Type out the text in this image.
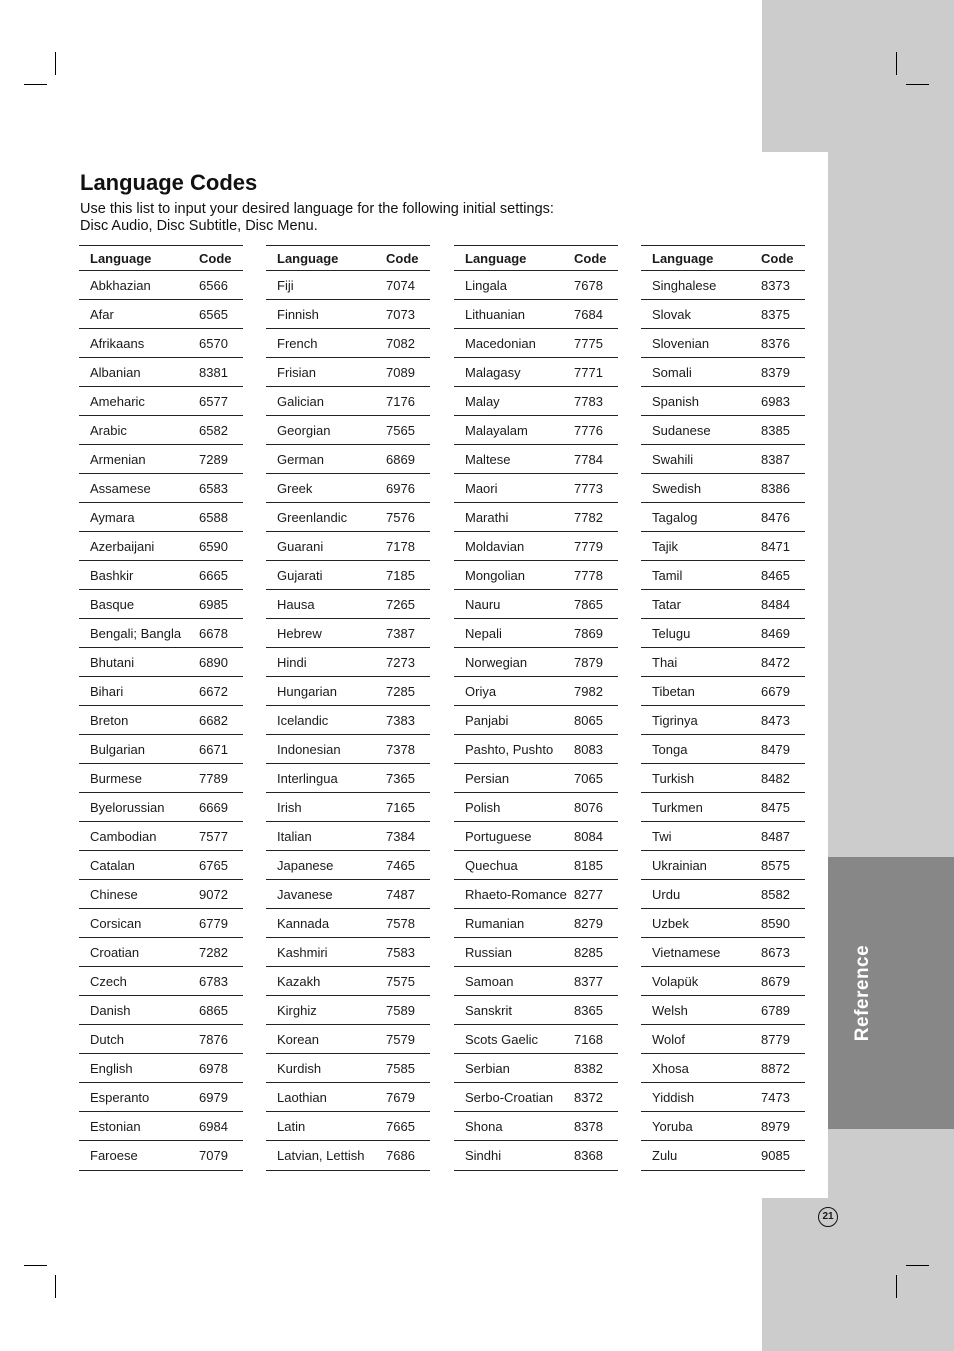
Reference
Language Codes
Use this list to input your desired language for the following initial settings:
Disc Audio, Disc Subtitle, Disc Menu.
Language	Code
Abkhazian	6566
Afar	6565
Afrikaans	6570
Albanian	8381
Ameharic	6577
Arabic	6582
Armenian	7289
Assamese	6583
Aymara	6588
Azerbaijani	6590
Bashkir	6665
Basque	6985
Bengali; Bangla	6678
Bhutani	6890
Bihari	6672
Breton	6682
Bulgarian	6671
Burmese	7789
Byelorussian	6669
Cambodian	7577
Catalan	6765
Chinese	9072
Corsican	6779
Croatian	7282
Czech	6783
Danish	6865
Dutch	7876
English	6978
Esperanto	6979
Estonian	6984
Faroese	7079
Language	Code
Fiji	7074
Finnish	7073
French	7082
Frisian	7089
Galician	7176
Georgian	7565
German	6869
Greek	6976
Greenlandic	7576
Guarani	7178
Gujarati	7185
Hausa	7265
Hebrew	7387
Hindi	7273
Hungarian	7285
Icelandic	7383
Indonesian	7378
Interlingua	7365
Irish	7165
Italian	7384
Japanese	7465
Javanese	7487
Kannada	7578
Kashmiri	7583
Kazakh	7575
Kirghiz	7589
Korean	7579
Kurdish	7585
Laothian	7679
Latin	7665
Latvian, Lettish	7686
Language	Code
Lingala	7678
Lithuanian	7684
Macedonian	7775
Malagasy	7771
Malay	7783
Malayalam	7776
Maltese	7784
Maori	7773
Marathi	7782
Moldavian	7779
Mongolian	7778
Nauru	7865
Nepali	7869
Norwegian	7879
Oriya	7982
Panjabi	8065
Pashto, Pushto	8083
Persian	7065
Polish	8076
Portuguese	8084
Quechua	8185
Rhaeto-Romance	8277
Rumanian	8279
Russian	8285
Samoan	8377
Sanskrit	8365
Scots Gaelic	7168
Serbian	8382
Serbo-Croatian	8372
Shona	8378
Sindhi	8368
Language	Code
Singhalese	8373
Slovak	8375
Slovenian	8376
Somali	8379
Spanish	6983
Sudanese	8385
Swahili	8387
Swedish	8386
Tagalog	8476
Tajik	8471
Tamil	8465
Tatar	8484
Telugu	8469
Thai	8472
Tibetan	6679
Tigrinya	8473
Tonga	8479
Turkish	8482
Turkmen	8475
Twi	8487
Ukrainian	8575
Urdu	8582
Uzbek	8590
Vietnamese	8673
Volapük	8679
Welsh	6789
Wolof	8779
Xhosa	8872
Yiddish	7473
Yoruba	8979
Zulu	9085
21
